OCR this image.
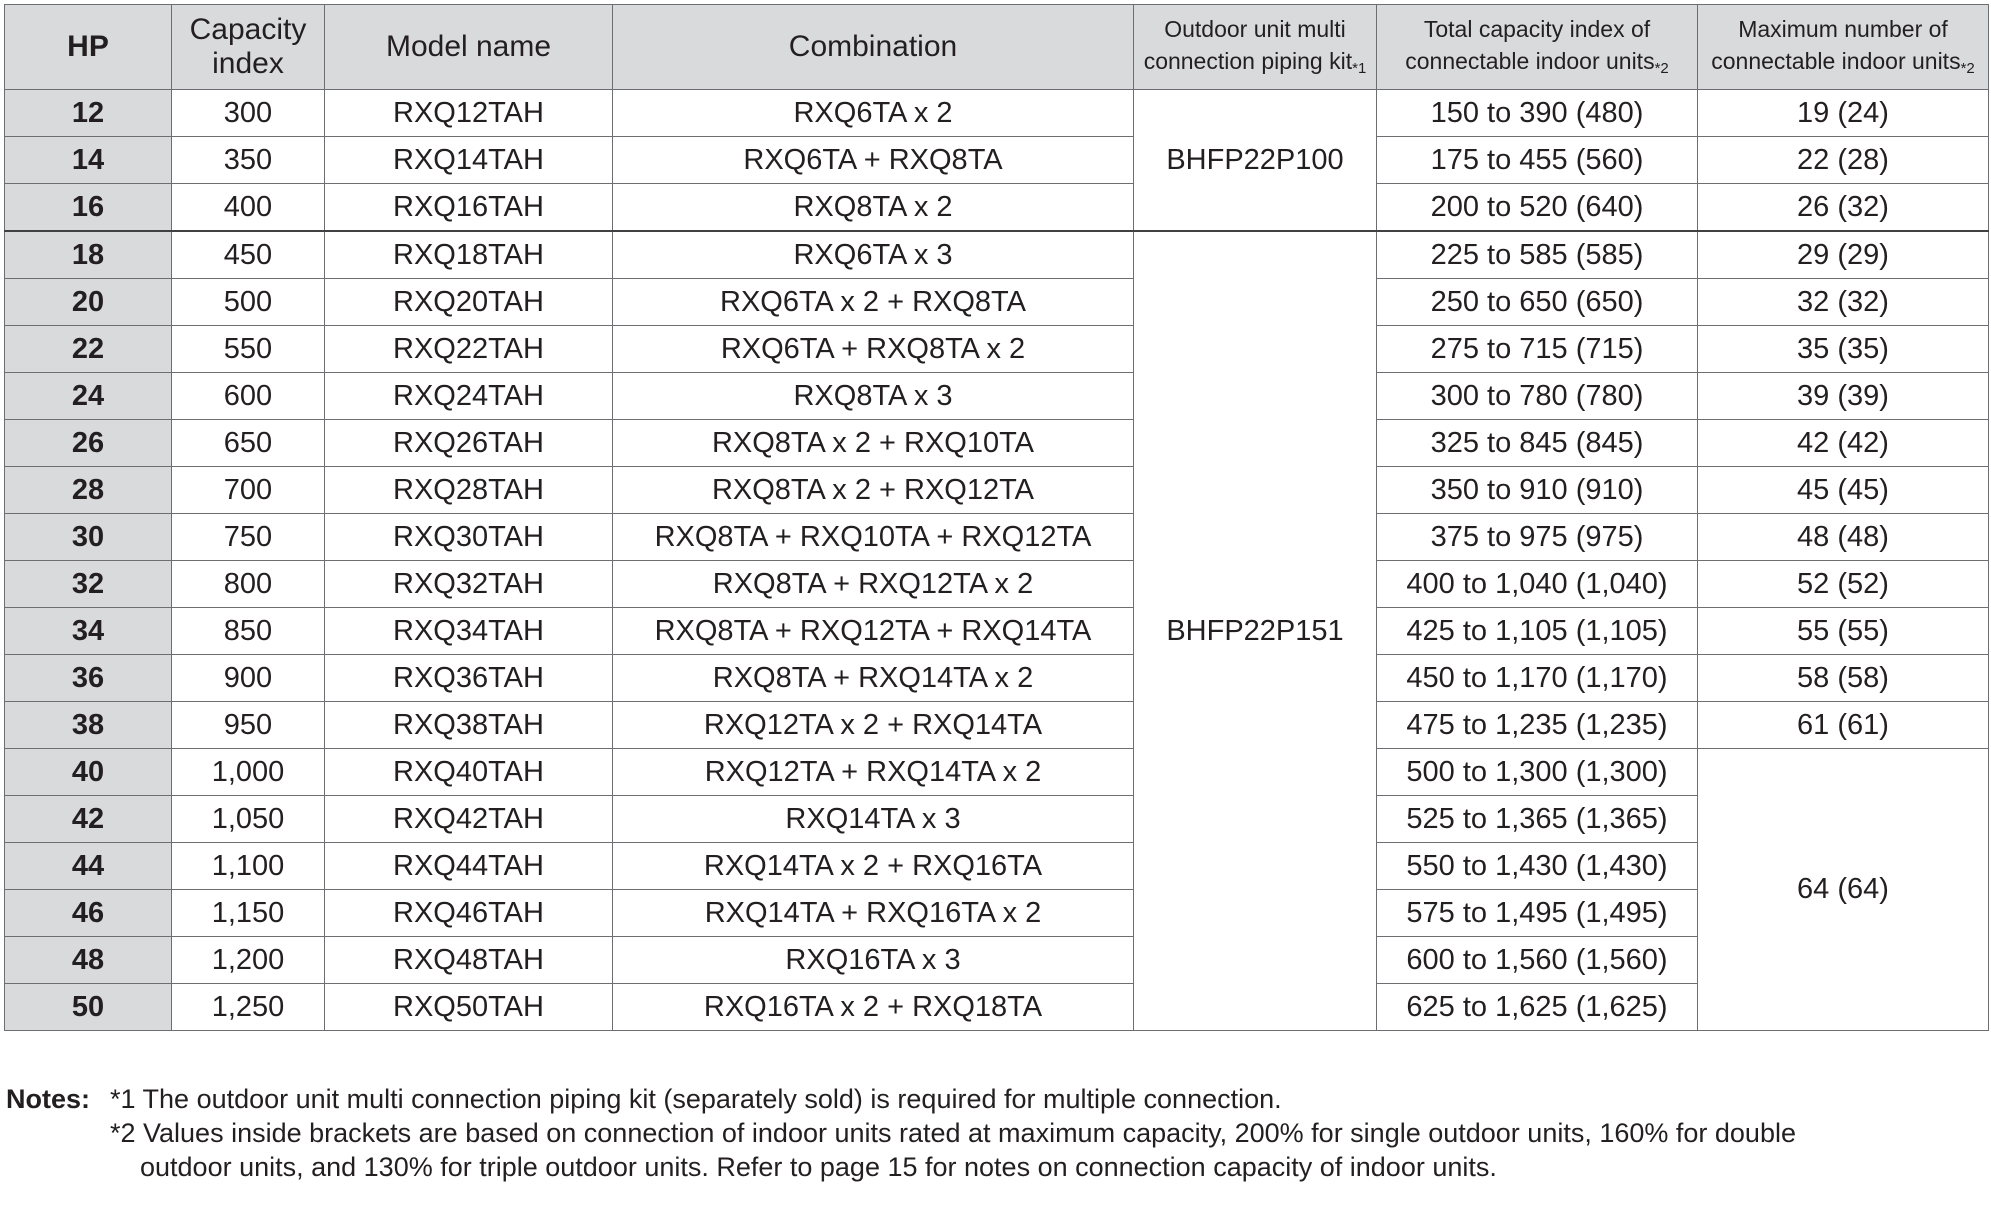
HP	Capacity index	Model name	Combination	Outdoor unit multi connection piping kit$^{*1}$	Total capacity index of connectable indoor units$^{*2}$	Maximum number of connectable indoor units$^{*2}$
12	300	RXQ12TAH	RXQ6TA x 2	BHFP22P100	150 to 390 (480)	19 (24)
14	350	RXQ14TAH	RXQ6TA + RXQ8TA		175 to 455 (560)	22 (28)
16	400	RXQ16TAH	RXQ8TA x 2		200 to 520 (640)	26 (32)
18	450	RXQ18TAH	RXQ6TA x 3	BHFP22P151	225 to 585 (585)	29 (29)
20	500	RXQ20TAH	RXQ6TA x 2 + RXQ8TA		250 to 650 (650)	32 (32)
22	550	RXQ22TAH	RXQ6TA + RXQ8TA x 2		275 to 715 (715)	35 (35)
24	600	RXQ24TAH	RXQ8TA x 3		300 to 780 (780)	39 (39)
26	650	RXQ26TAH	RXQ8TA x 2 + RXQ10TA		325 to 845 (845)	42 (42)
28	700	RXQ28TAH	RXQ8TA x 2 + RXQ12TA		350 to 910 (910)	45 (45)
30	750	RXQ30TAH	RXQ8TA + RXQ10TA + RXQ12TA		375 to 975 (975)	48 (48)
32	800	RXQ32TAH	RXQ8TA + RXQ12TA x 2		400 to 1,040 (1,040)	52 (52)
34	850	RXQ34TAH	RXQ8TA + RXQ12TA + RXQ14TA		425 to 1,105 (1,105)	55 (55)
36	900	RXQ36TAH	RXQ8TA + RXQ14TA x 2		450 to 1,170 (1,170)	58 (58)
38	950	RXQ38TAH	RXQ12TA x 2 + RXQ14TA		475 to 1,235 (1,235)	61 (61)
40	1,000	RXQ40TAH	RXQ12TA + RXQ14TA x 2		500 to 1,300 (1,300)	64 (64)
42	1,050	RXQ42TAH	RXQ14TA x 3		525 to 1,365 (1,365)	
44	1,100	RXQ44TAH	RXQ14TA x 2 + RXQ16TA		550 to 1,430 (1,430)	
46	1,150	RXQ46TAH	RXQ14TA + RXQ16TA x 2		575 to 1,495 (1,495)	
48	1,200	RXQ48TAH	RXQ16TA x 3		600 to 1,560 (1,560)	
50	1,250	RXQ50TAH	RXQ16TA x 2 + RXQ18TA		625 to 1,625 (1,625)	
Notes: *1 The outdoor unit multi connection piping kit (separately sold) is required for multiple connection.
*2 Values inside brackets are based on connection of indoor units rated at maximum capacity, 200% for single outdoor units, 160% for double
outdoor units, and 130% for triple outdoor units. Refer to page 15 for notes on connection capacity of indoor units.
